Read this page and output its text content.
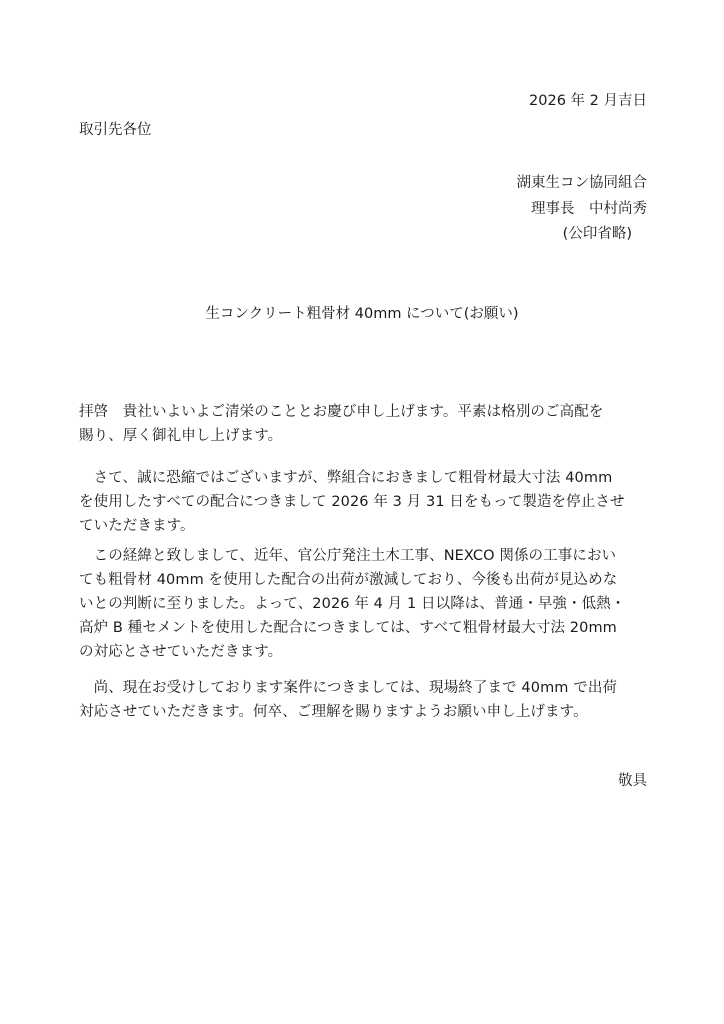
2026 年 2 月吉日
取引先各位
湖東生コン協同組合
理事長　中村尚秀
(公印省略)
生コンクリート粗骨材 40mm について(お願い)
拝啓　貴社いよいよご清栄のこととお慶び申し上げます。平素は格別のご高配を
賜り、厚く御礼申し上げます。
　さて、誠に恐縮ではございますが、弊組合におきまして粗骨材最大寸法 40mm
を使用したすべての配合につきまして 2026 年 3 月 31 日をもって製造を停止させ
ていただきます。
　この経緯と致しまして、近年、官公庁発注土木工事、NEXCO 関係の工事におい
ても粗骨材 40mm を使用した配合の出荷が激減しており、今後も出荷が見込めな
いとの判断に至りました。よって、2026 年 4 月 1 日以降は、普通・早強・低熱・
高炉 B 種セメントを使用した配合につきましては、すべて粗骨材最大寸法 20mm
の対応とさせていただきます。
　尚、現在お受けしております案件につきましては、現場終了まで 40mm で出荷
対応させていただきます。何卒、ご理解を賜りますようお願い申し上げます。
敬具
